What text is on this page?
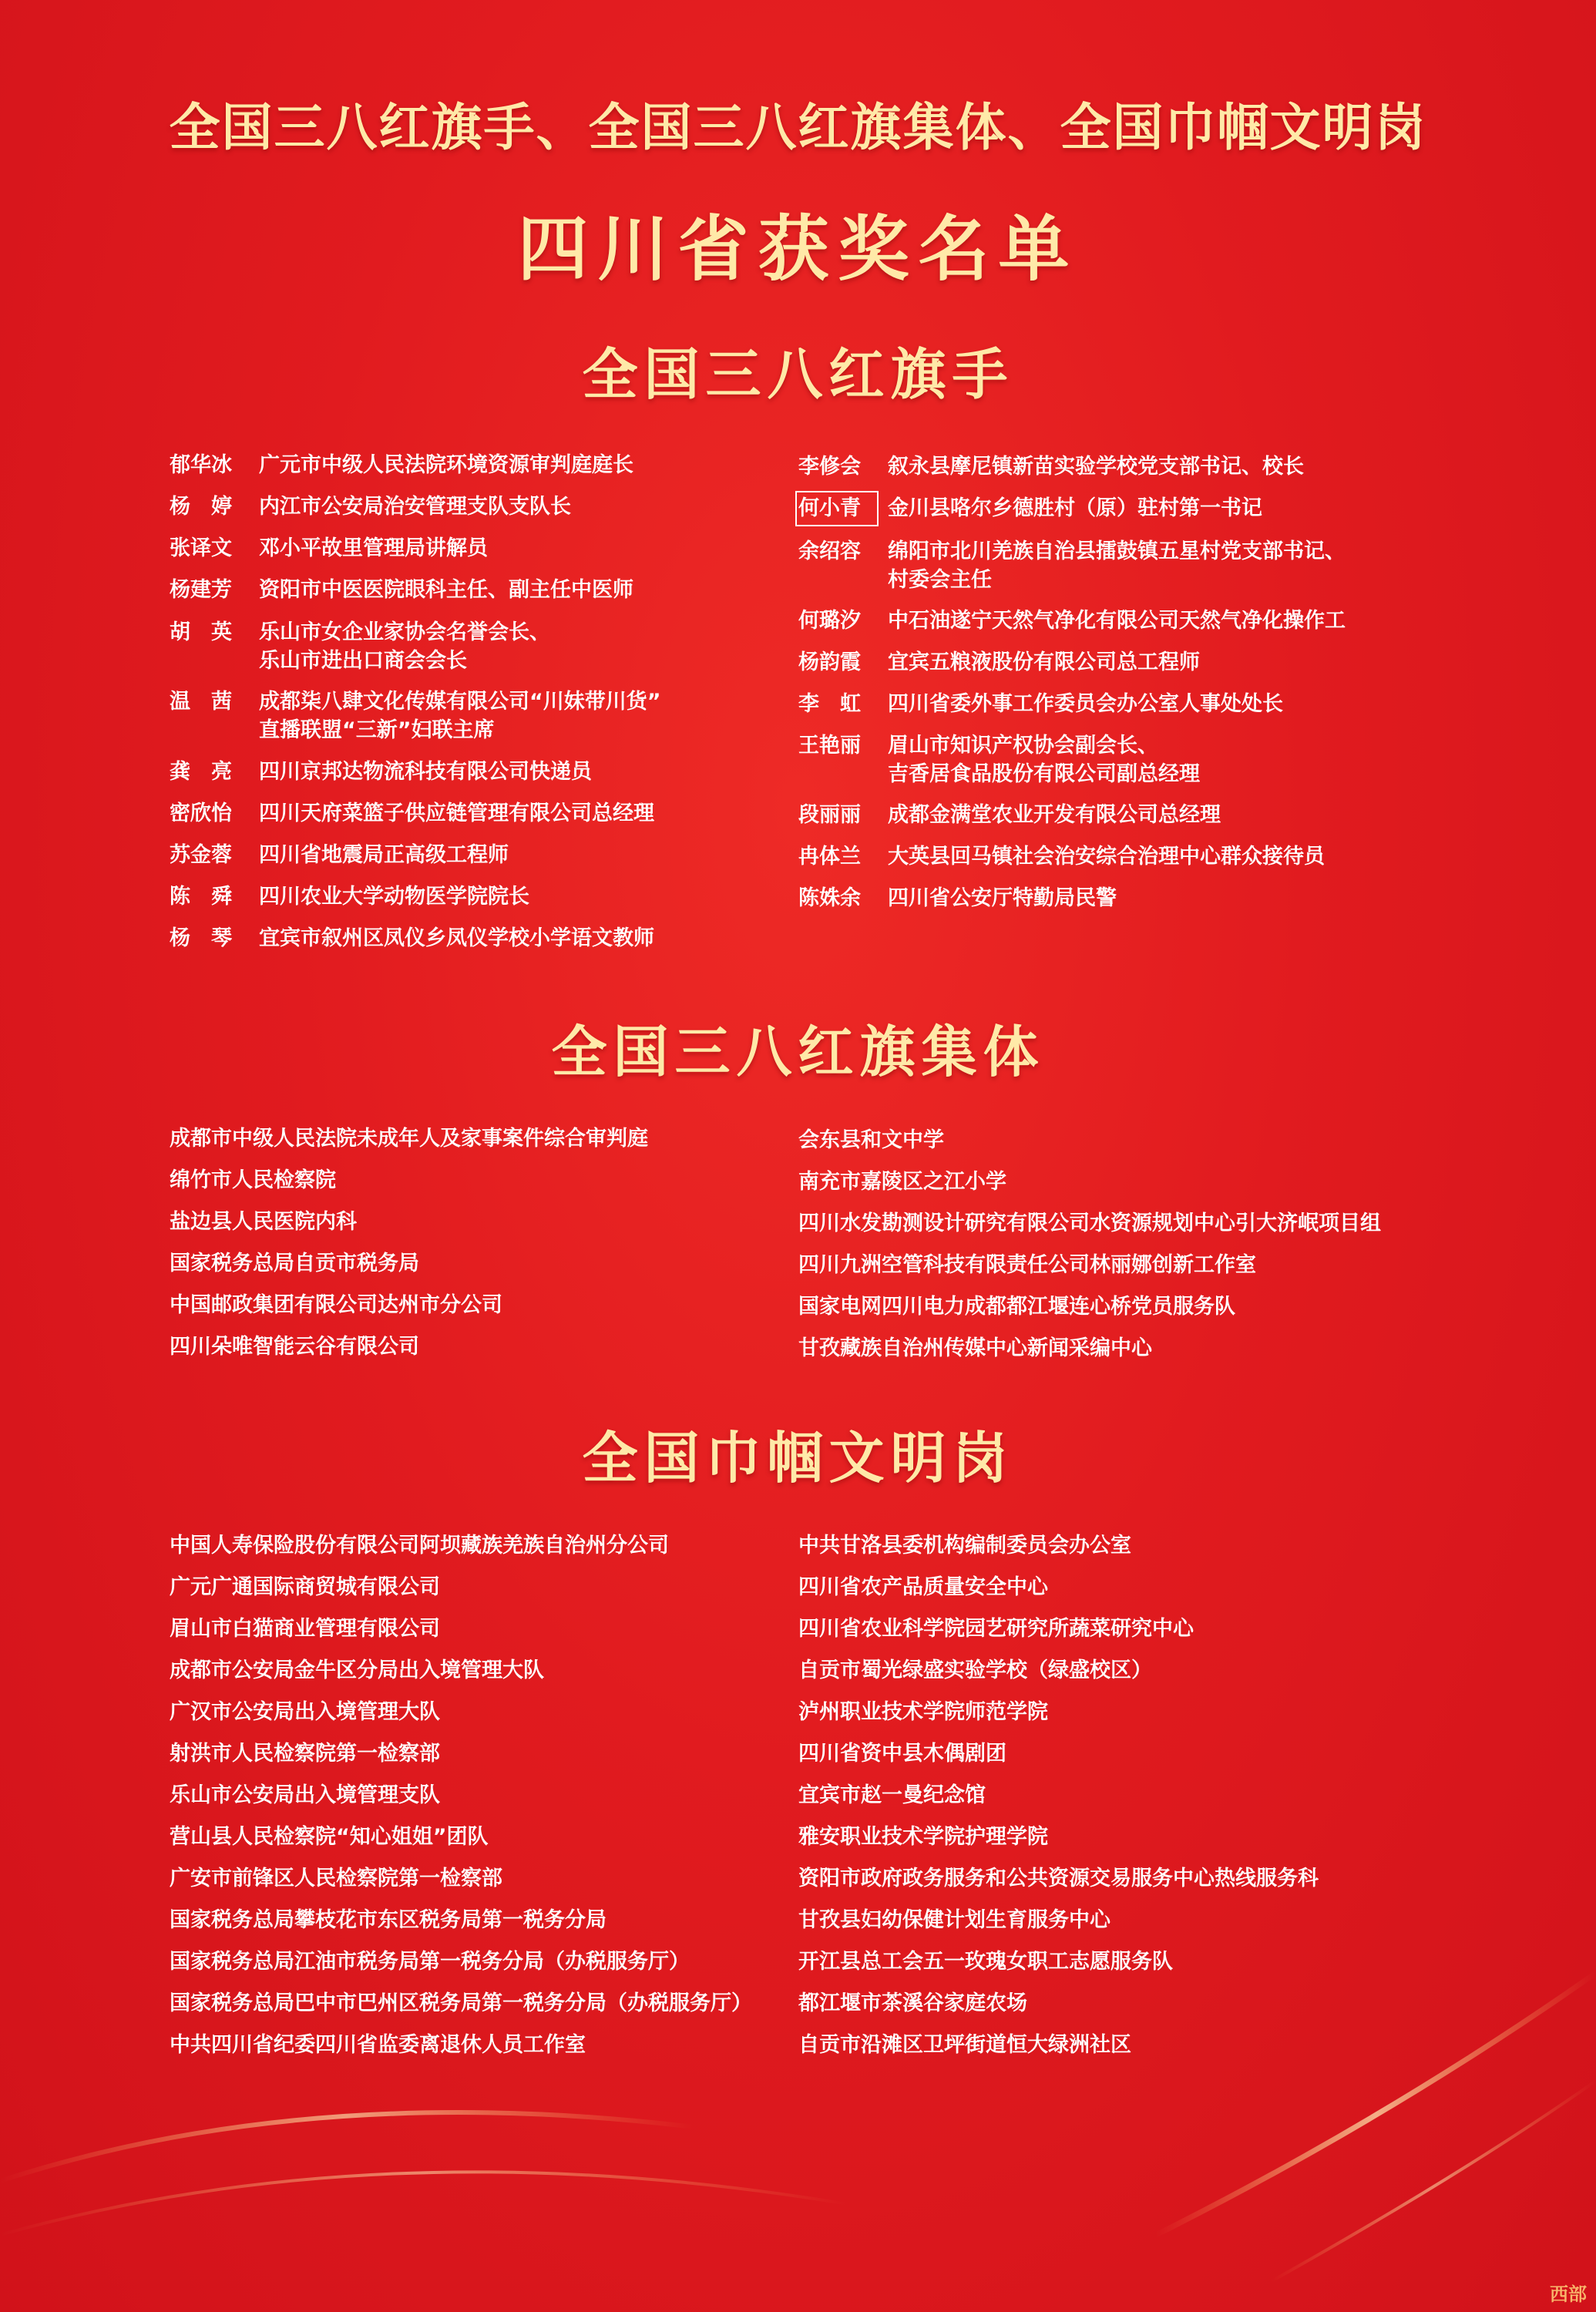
全国三八红旗手、全国三八红旗集体、全国巾帼文明岗
四川省获奖名单
全国三八红旗手
郁华冰	广元市中级人民法院环境资源审判庭庭长
杨　婷	内江市公安局治安管理支队支队长
张译文	邓小平故里管理局讲解员
杨建芳	资阳市中医医院眼科主任、副主任中医师
胡　英	乐山市女企业家协会名誉会长、
乐山市进出口商会会长
温　茜	成都柒八肆文化传媒有限公司“川妹带川货”
直播联盟“三新”妇联主席
龚　亮	四川京邦达物流科技有限公司快递员
密欣怡	四川天府菜篮子供应链管理有限公司总经理
苏金蓉	四川省地震局正高级工程师
陈　舜	四川农业大学动物医学院院长
杨　琴	宜宾市叙州区凤仪乡凤仪学校小学语文教师
李修会	叙永县摩尼镇新苗实验学校党支部书记、校长
何小青	金川县咯尔乡德胜村（原）驻村第一书记
余绍容	绵阳市北川羌族自治县擂鼓镇五星村党支部书记、
村委会主任
何璐汐	中石油遂宁天然气净化有限公司天然气净化操作工
杨韵霞	宜宾五粮液股份有限公司总工程师
李　虹	四川省委外事工作委员会办公室人事处处长
王艳丽	眉山市知识产权协会副会长、
吉香居食品股份有限公司副总经理
段丽丽	成都金满堂农业开发有限公司总经理
冉体兰	大英县回马镇社会治安综合治理中心群众接待员
陈姝余	四川省公安厅特勤局民警
全国三八红旗集体
成都市中级人民法院未成年人及家事案件综合审判庭
绵竹市人民检察院
盐边县人民医院内科
国家税务总局自贡市税务局
中国邮政集团有限公司达州市分公司
四川朵唯智能云谷有限公司
会东县和文中学
南充市嘉陵区之江小学
四川水发勘测设计研究有限公司水资源规划中心引大济岷项目组
四川九洲空管科技有限责任公司林丽娜创新工作室
国家电网四川电力成都都江堰连心桥党员服务队
甘孜藏族自治州传媒中心新闻采编中心
全国巾帼文明岗
中国人寿保险股份有限公司阿坝藏族羌族自治州分公司
广元广通国际商贸城有限公司
眉山市白猫商业管理有限公司
成都市公安局金牛区分局出入境管理大队
广汉市公安局出入境管理大队
射洪市人民检察院第一检察部
乐山市公安局出入境管理支队
营山县人民检察院“知心姐姐”团队
广安市前锋区人民检察院第一检察部
国家税务总局攀枝花市东区税务局第一税务分局
国家税务总局江油市税务局第一税务分局（办税服务厅）
国家税务总局巴中市巴州区税务局第一税务分局（办税服务厅）
中共四川省纪委四川省监委离退休人员工作室
中共甘洛县委机构编制委员会办公室
四川省农产品质量安全中心
四川省农业科学院园艺研究所蔬菜研究中心
自贡市蜀光绿盛实验学校（绿盛校区）
泸州职业技术学院师范学院
四川省资中县木偶剧团
宜宾市赵一曼纪念馆
雅安职业技术学院护理学院
资阳市政府政务服务和公共资源交易服务中心热线服务科
甘孜县妇幼保健计划生育服务中心
开江县总工会五一玫瑰女职工志愿服务队
都江堰市茶溪谷家庭农场
自贡市沿滩区卫坪街道恒大绿洲社区
西部
